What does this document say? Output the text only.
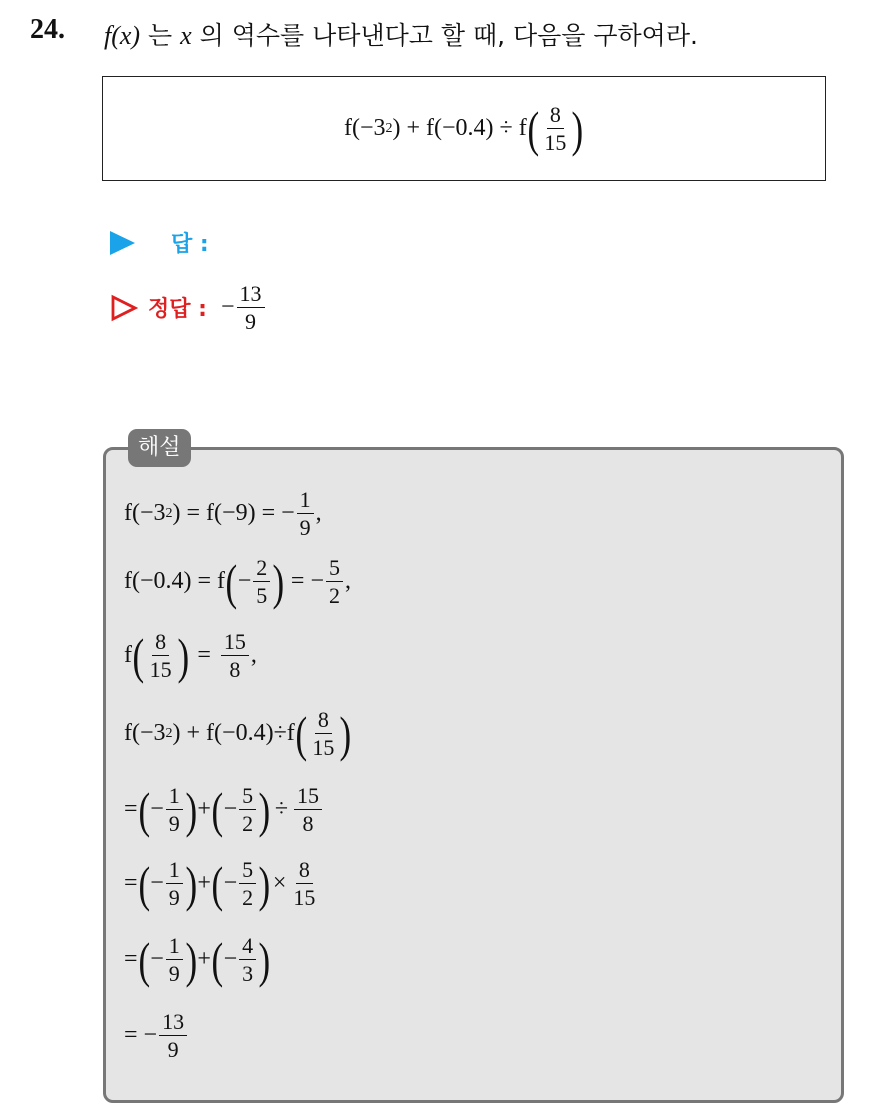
24. f(x) 는 x 의 역수를 나타낸다고 할 때, 다음을 구하여라.
f(−3 2 ) + f(−0.4) ÷ f ( $\frac{8}{15}$ )
답 :
정답 : − $\frac{13}{9}$
해설
f(−3 2 ) = f(−9) = − $\frac{1}{9}$ ,
f(−0.4) = f ( − $\frac{2}{5}$ ) = − $\frac{5}{2}$ ,
f ( $\frac{8}{15}$ ) = $\frac{15}{8}$ ,
f(−3 2 ) + f(−0.4)÷f ( $\frac{8}{15}$ )
= ( − $\frac{1}{9}$ ) + ( − $\frac{5}{2}$ ) ÷ $\frac{15}{8}$
= ( − $\frac{1}{9}$ ) + ( − $\frac{5}{2}$ ) × $\frac{8}{15}$
= ( − $\frac{1}{9}$ ) + ( − $\frac{4}{3}$ )
= − $\frac{13}{9}$
